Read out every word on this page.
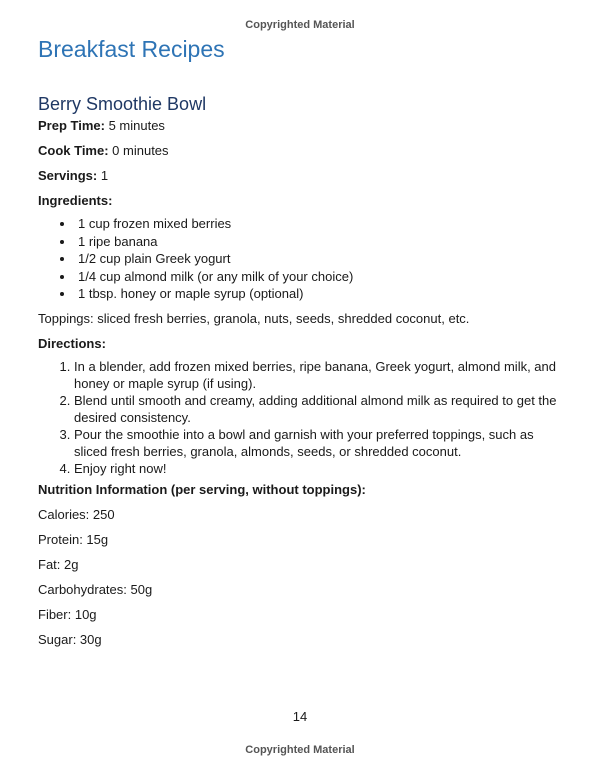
Copyrighted Material
Breakfast Recipes
Berry Smoothie Bowl

Prep Time: 5 minutes

Cook Time: 0 minutes

Servings: 1

Ingredients:

• 1 cup frozen mixed berries
• 1 ripe banana
• 1/2 cup plain Greek yogurt
• 1/4 cup almond milk (or any milk of your choice)
• 1 tbsp. honey or maple syrup (optional)

Toppings: sliced fresh berries, granola, nuts, seeds, shredded coconut, etc.

Directions:

1. In a blender, add frozen mixed berries, ripe banana, Greek yogurt, almond milk, and honey or maple syrup (if using).
2. Blend until smooth and creamy, adding additional almond milk as required to get the desired consistency.
3. Pour the smoothie into a bowl and garnish with your preferred toppings, such as sliced fresh berries, granola, almonds, seeds, or shredded coconut.
4. Enjoy right now!

Nutrition Information (per serving, without toppings):

Calories: 250

Protein: 15g

Fat: 2g

Carbohydrates: 50g

Fiber: 10g

Sugar: 30g

14
Copyrighted Material
